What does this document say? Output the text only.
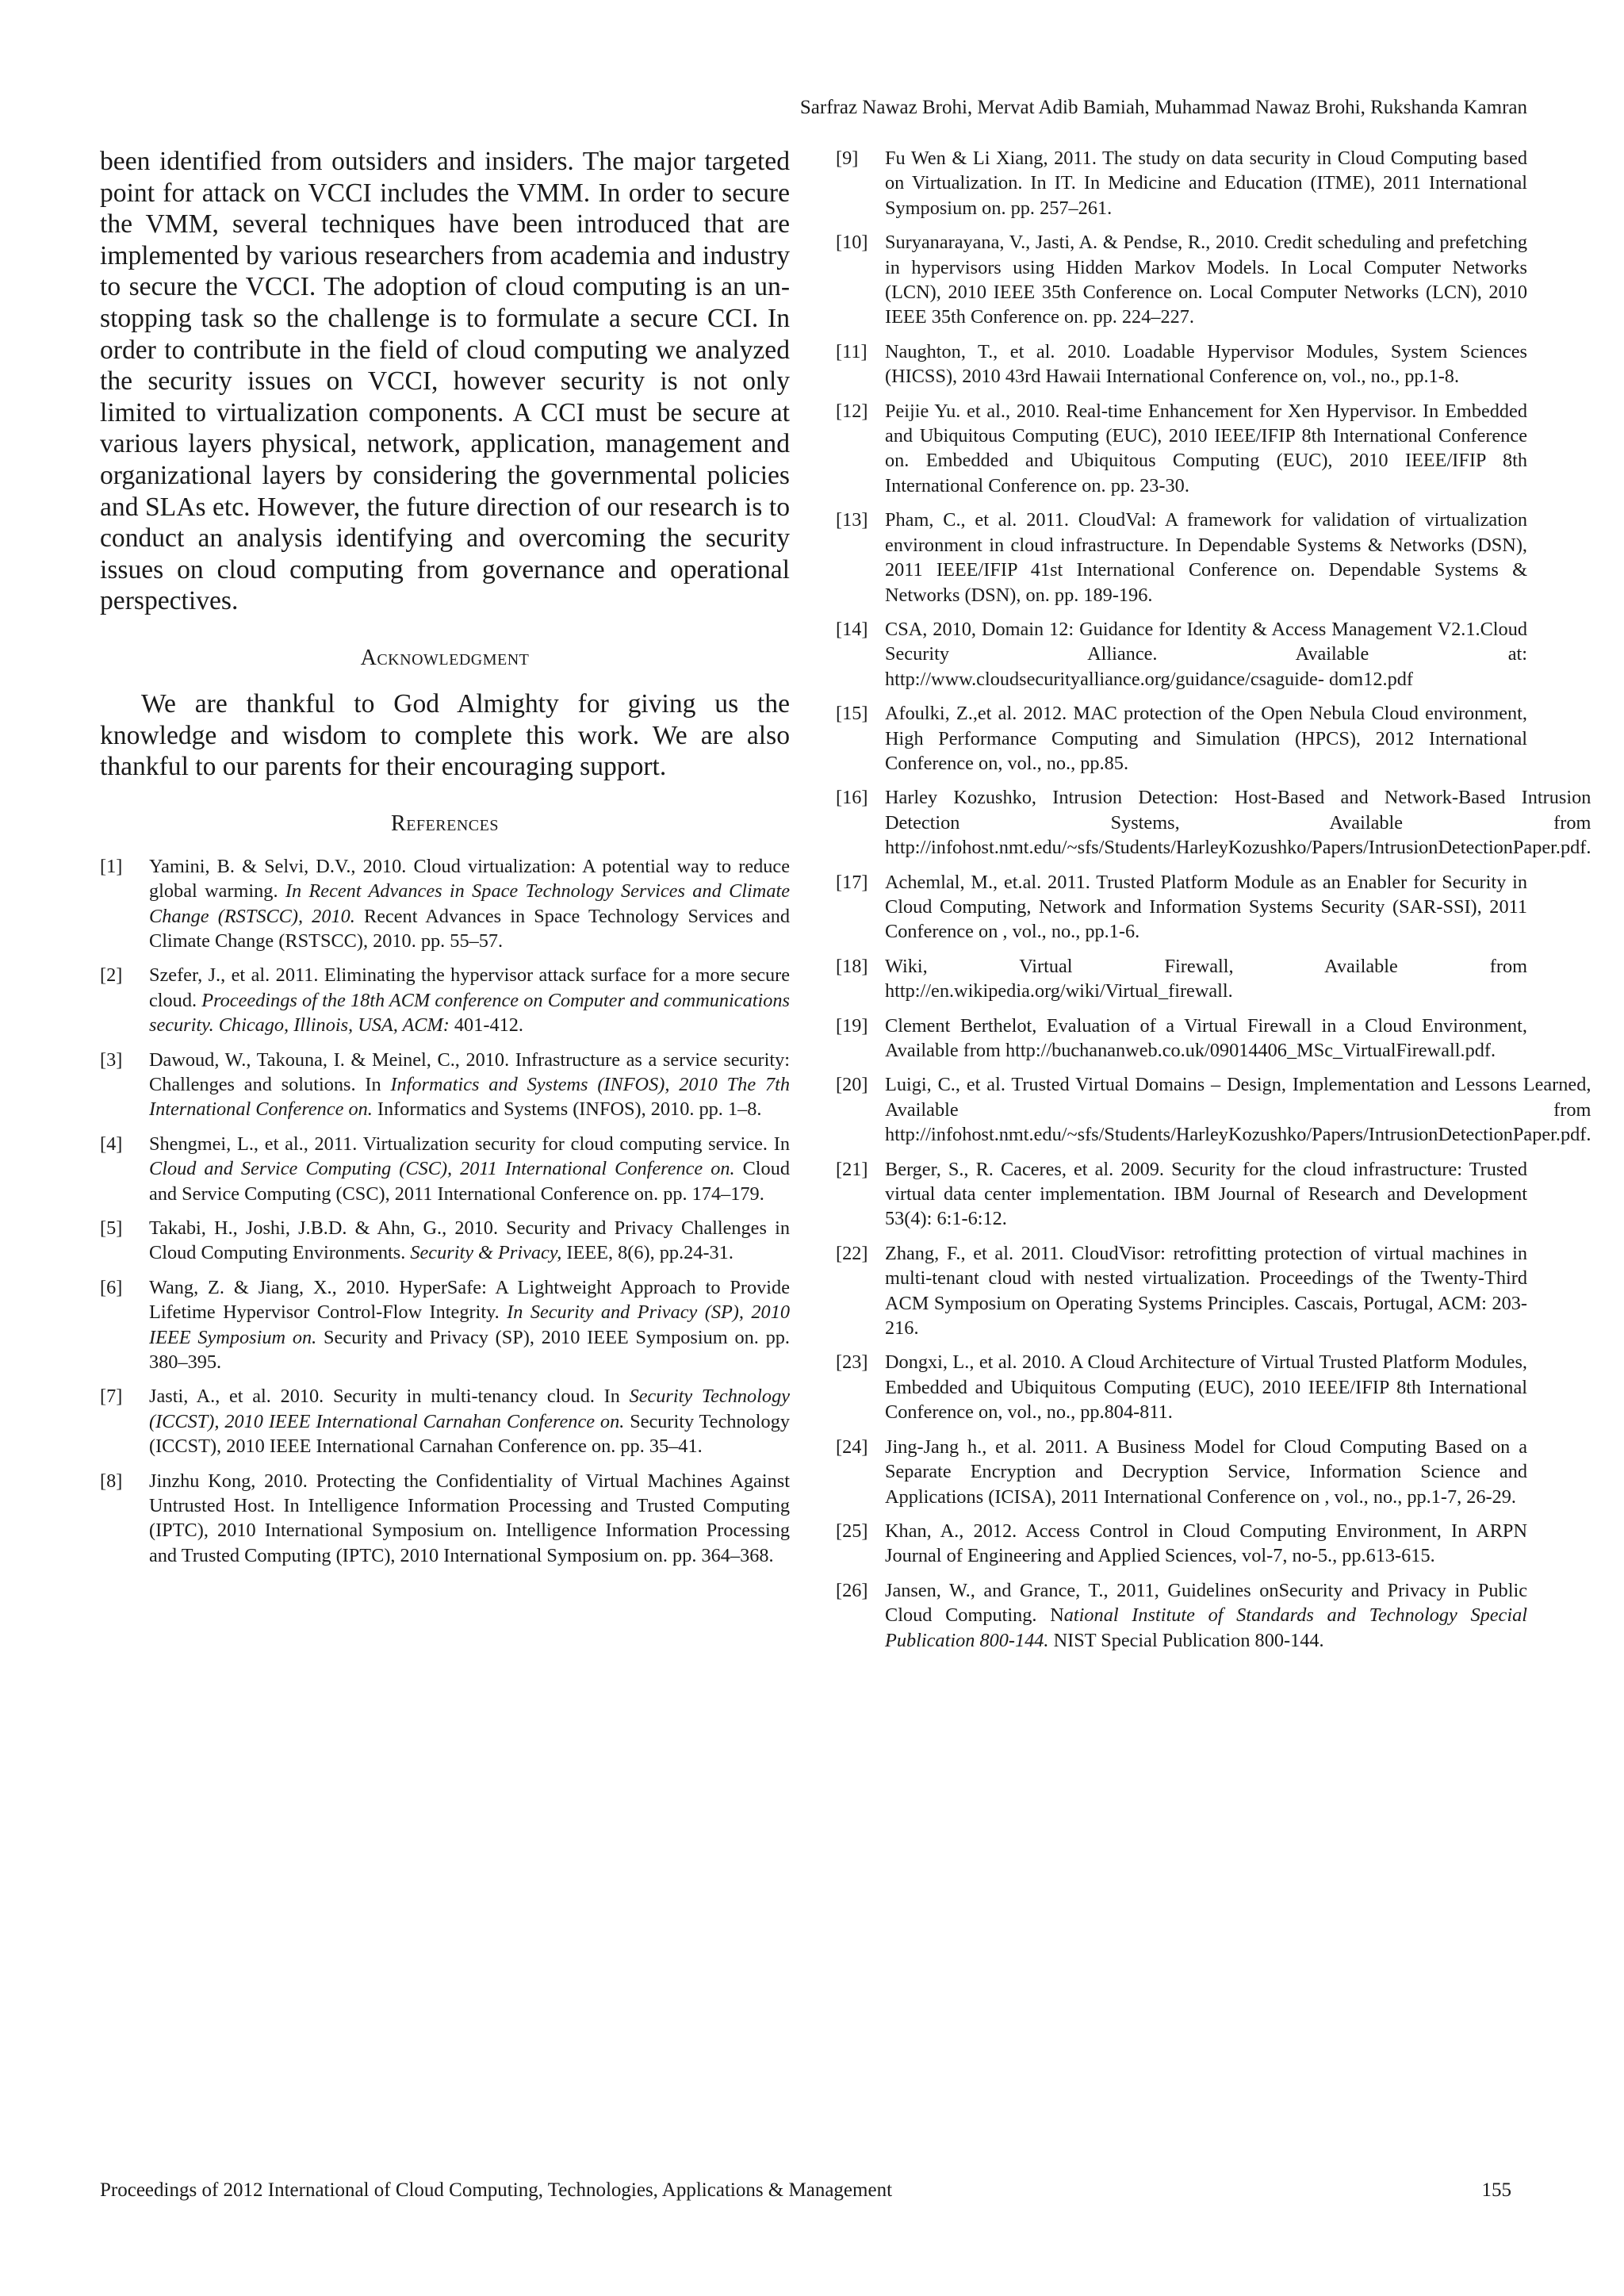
Sarfraz Nawaz Brohi, Mervat Adib Bamiah, Muhammad Nawaz Brohi, Rukshanda Kamran

been identified from outsiders and insiders. The major targeted point for attack on VCCI includes the VMM. In order to secure the VMM, several techniques have been introduced that are implemented by various researchers from academia and industry to secure the VCCI. The adoption of cloud computing is an un-stopping task so the challenge is to formulate a secure CCI. In order to contribute in the field of cloud computing we analyzed the security issues on VCCI, however security is not only limited to virtualization components. A CCI must be secure at various layers physical, network, application, management and organizational layers by considering the governmental policies and SLAs etc. However, the future direction of our research is to conduct an analysis identifying and overcoming the security issues on cloud computing from governance and operational perspectives.

Acknowledgment

We are thankful to God Almighty for giving us the knowledge and wisdom to complete this work. We are also thankful to our parents for their encouraging support.

References
[1]	Yamini, B. & Selvi, D.V., 2010. Cloud virtualization: A potential way to reduce global warming. In Recent Advances in Space Technology Services and Climate Change (RSTSCC), 2010. Recent Advances in Space Technology Services and Climate Change (RSTSCC), 2010. pp. 55–57.
[2]	Szefer, J., et al. 2011. Eliminating the hypervisor attack surface for a more secure cloud. Proceedings of the 18th ACM conference on Computer and communications security. Chicago, Illinois, USA, ACM: 401-412.
[3]	Dawoud, W., Takouna, I. & Meinel, C., 2010. Infrastructure as a service security: Challenges and solutions. In Informatics and Systems (INFOS), 2010 The 7th International Conference on. Informatics and Systems (INFOS), 2010. pp. 1–8.
[4]	Shengmei, L., et al., 2011. Virtualization security for cloud computing service. In Cloud and Service Computing (CSC), 2011 International Conference on. Cloud and Service Computing (CSC), 2011 International Conference on. pp. 174–179.
[5]	Takabi, H., Joshi, J.B.D. & Ahn, G., 2010. Security and Privacy Challenges in Cloud Computing Environments. Security & Privacy, IEEE, 8(6), pp.24-31.
[6]	Wang, Z. & Jiang, X., 2010. HyperSafe: A Lightweight Approach to Provide Lifetime Hypervisor Control-Flow Integrity. In Security and Privacy (SP), 2010 IEEE Symposium on. Security and Privacy (SP), 2010 IEEE Symposium on. pp. 380–395.
[7]	Jasti, A., et al. 2010. Security in multi-tenancy cloud. In Security Technology (ICCST), 2010 IEEE International Carnahan Conference on. Security Technology (ICCST), 2010 IEEE International Carnahan Conference on. pp. 35–41.
[8]	Jinzhu Kong, 2010. Protecting the Confidentiality of Virtual Machines Against Untrusted Host. In Intelligence Information Processing and Trusted Computing (IPTC), 2010 International Symposium on. Intelligence Information Processing and Trusted Computing (IPTC), 2010 International Symposium on. pp. 364–368.
[9]	Fu Wen & Li Xiang, 2011. The study on data security in Cloud Computing based on Virtualization. In IT. In Medicine and Education (ITME), 2011 International Symposium on. pp. 257–261.
[10] Suryanarayana, V., Jasti, A. & Pendse, R., 2010. Credit scheduling and prefetching in hypervisors using Hidden Markov Models. In Local Computer Networks (LCN), 2010 IEEE 35th Conference on. Local Computer Networks (LCN), 2010 IEEE 35th Conference on. pp. 224–227.
[11] Naughton, T., et al. 2010. Loadable Hypervisor Modules, System Sciences (HICSS), 2010 43rd Hawaii International Conference on, vol., no., pp.1-8.
[12] Peijie Yu. et al., 2010. Real-time Enhancement for Xen Hypervisor. In Embedded and Ubiquitous Computing (EUC), 2010 IEEE/IFIP 8th International Conference on. Embedded and Ubiquitous Computing (EUC), 2010 IEEE/IFIP 8th International Conference on. pp. 23-30.
[13] Pham, C., et al. 2011. CloudVal: A framework for validation of virtualization environment in cloud infrastructure. In Dependable Systems & Networks (DSN), 2011 IEEE/IFIP 41st International Conference on. Dependable Systems & Networks (DSN), on. pp. 189-196.
[14] CSA, 2010, Domain 12: Guidance for Identity & Access Management V2.1.Cloud Security Alliance. Available at: http://www.cloudsecurityalliance.org/guidance/csaguide- dom12.pdf
[15] Afoulki, Z.,et al. 2012. MAC protection of the Open Nebula Cloud environment, High Performance Computing and Simulation (HPCS), 2012 International Conference on, vol., no., pp.85.
[16] Harley Kozushko, Intrusion Detection: Host-Based and Network-Based Intrusion Detection Systems, Available from http://infohost.nmt.edu/~sfs/Students/HarleyKozushko/Papers/IntrusionDetectionPaper.pdf.
[17] Achemlal, M., et.al. 2011. Trusted Platform Module as an Enabler for Security in Cloud Computing, Network and Information Systems Security (SAR-SSI), 2011 Conference on , vol., no., pp.1-6.
[18] Wiki, Virtual Firewall, Available from http://en.wikipedia.org/wiki/Virtual_firewall.
[19] Clement Berthelot, Evaluation of a Virtual Firewall in a Cloud Environment, Available from http://buchananweb.co.uk/09014406_MSc_VirtualFirewall.pdf.
[20] Luigi, C., et al. Trusted Virtual Domains – Design, Implementation and Lessons Learned, Available from http://infohost.nmt.edu/~sfs/Students/HarleyKozushko/Papers/IntrusionDetectionPaper.pdf.
[21] Berger, S., R. Caceres, et al. 2009. Security for the cloud infrastructure: Trusted virtual data center implementation. IBM Journal of Research and Development 53(4): 6:1-6:12.
[22] Zhang, F., et al. 2011. CloudVisor: retrofitting protection of virtual machines in multi-tenant cloud with nested virtualization. Proceedings of the Twenty-Third ACM Symposium on Operating Systems Principles. Cascais, Portugal, ACM: 203-216.
[23] Dongxi, L., et al. 2010. A Cloud Architecture of Virtual Trusted Platform Modules, Embedded and Ubiquitous Computing (EUC), 2010 IEEE/IFIP 8th International Conference on, vol., no., pp.804-811.
[24] Jing-Jang h., et al. 2011. A Business Model for Cloud Computing Based on a Separate Encryption and Decryption Service, Information Science and Applications (ICISA), 2011 International Conference on , vol., no., pp.1-7, 26-29.
[25] Khan, A., 2012. Access Control in Cloud Computing Environment, In ARPN Journal of Engineering and Applied Sciences, vol-7, no-5., pp.613-615.
[26] Jansen, W., and Grance, T., 2011, Guidelines onSecurity and Privacy in Public Cloud Computing. National Institute of Standards and Technology Special Publication 800-144. NIST Special Publication 800-144.
Proceedings of 2012 International of Cloud Computing, Technologies, Applications & Management	155
